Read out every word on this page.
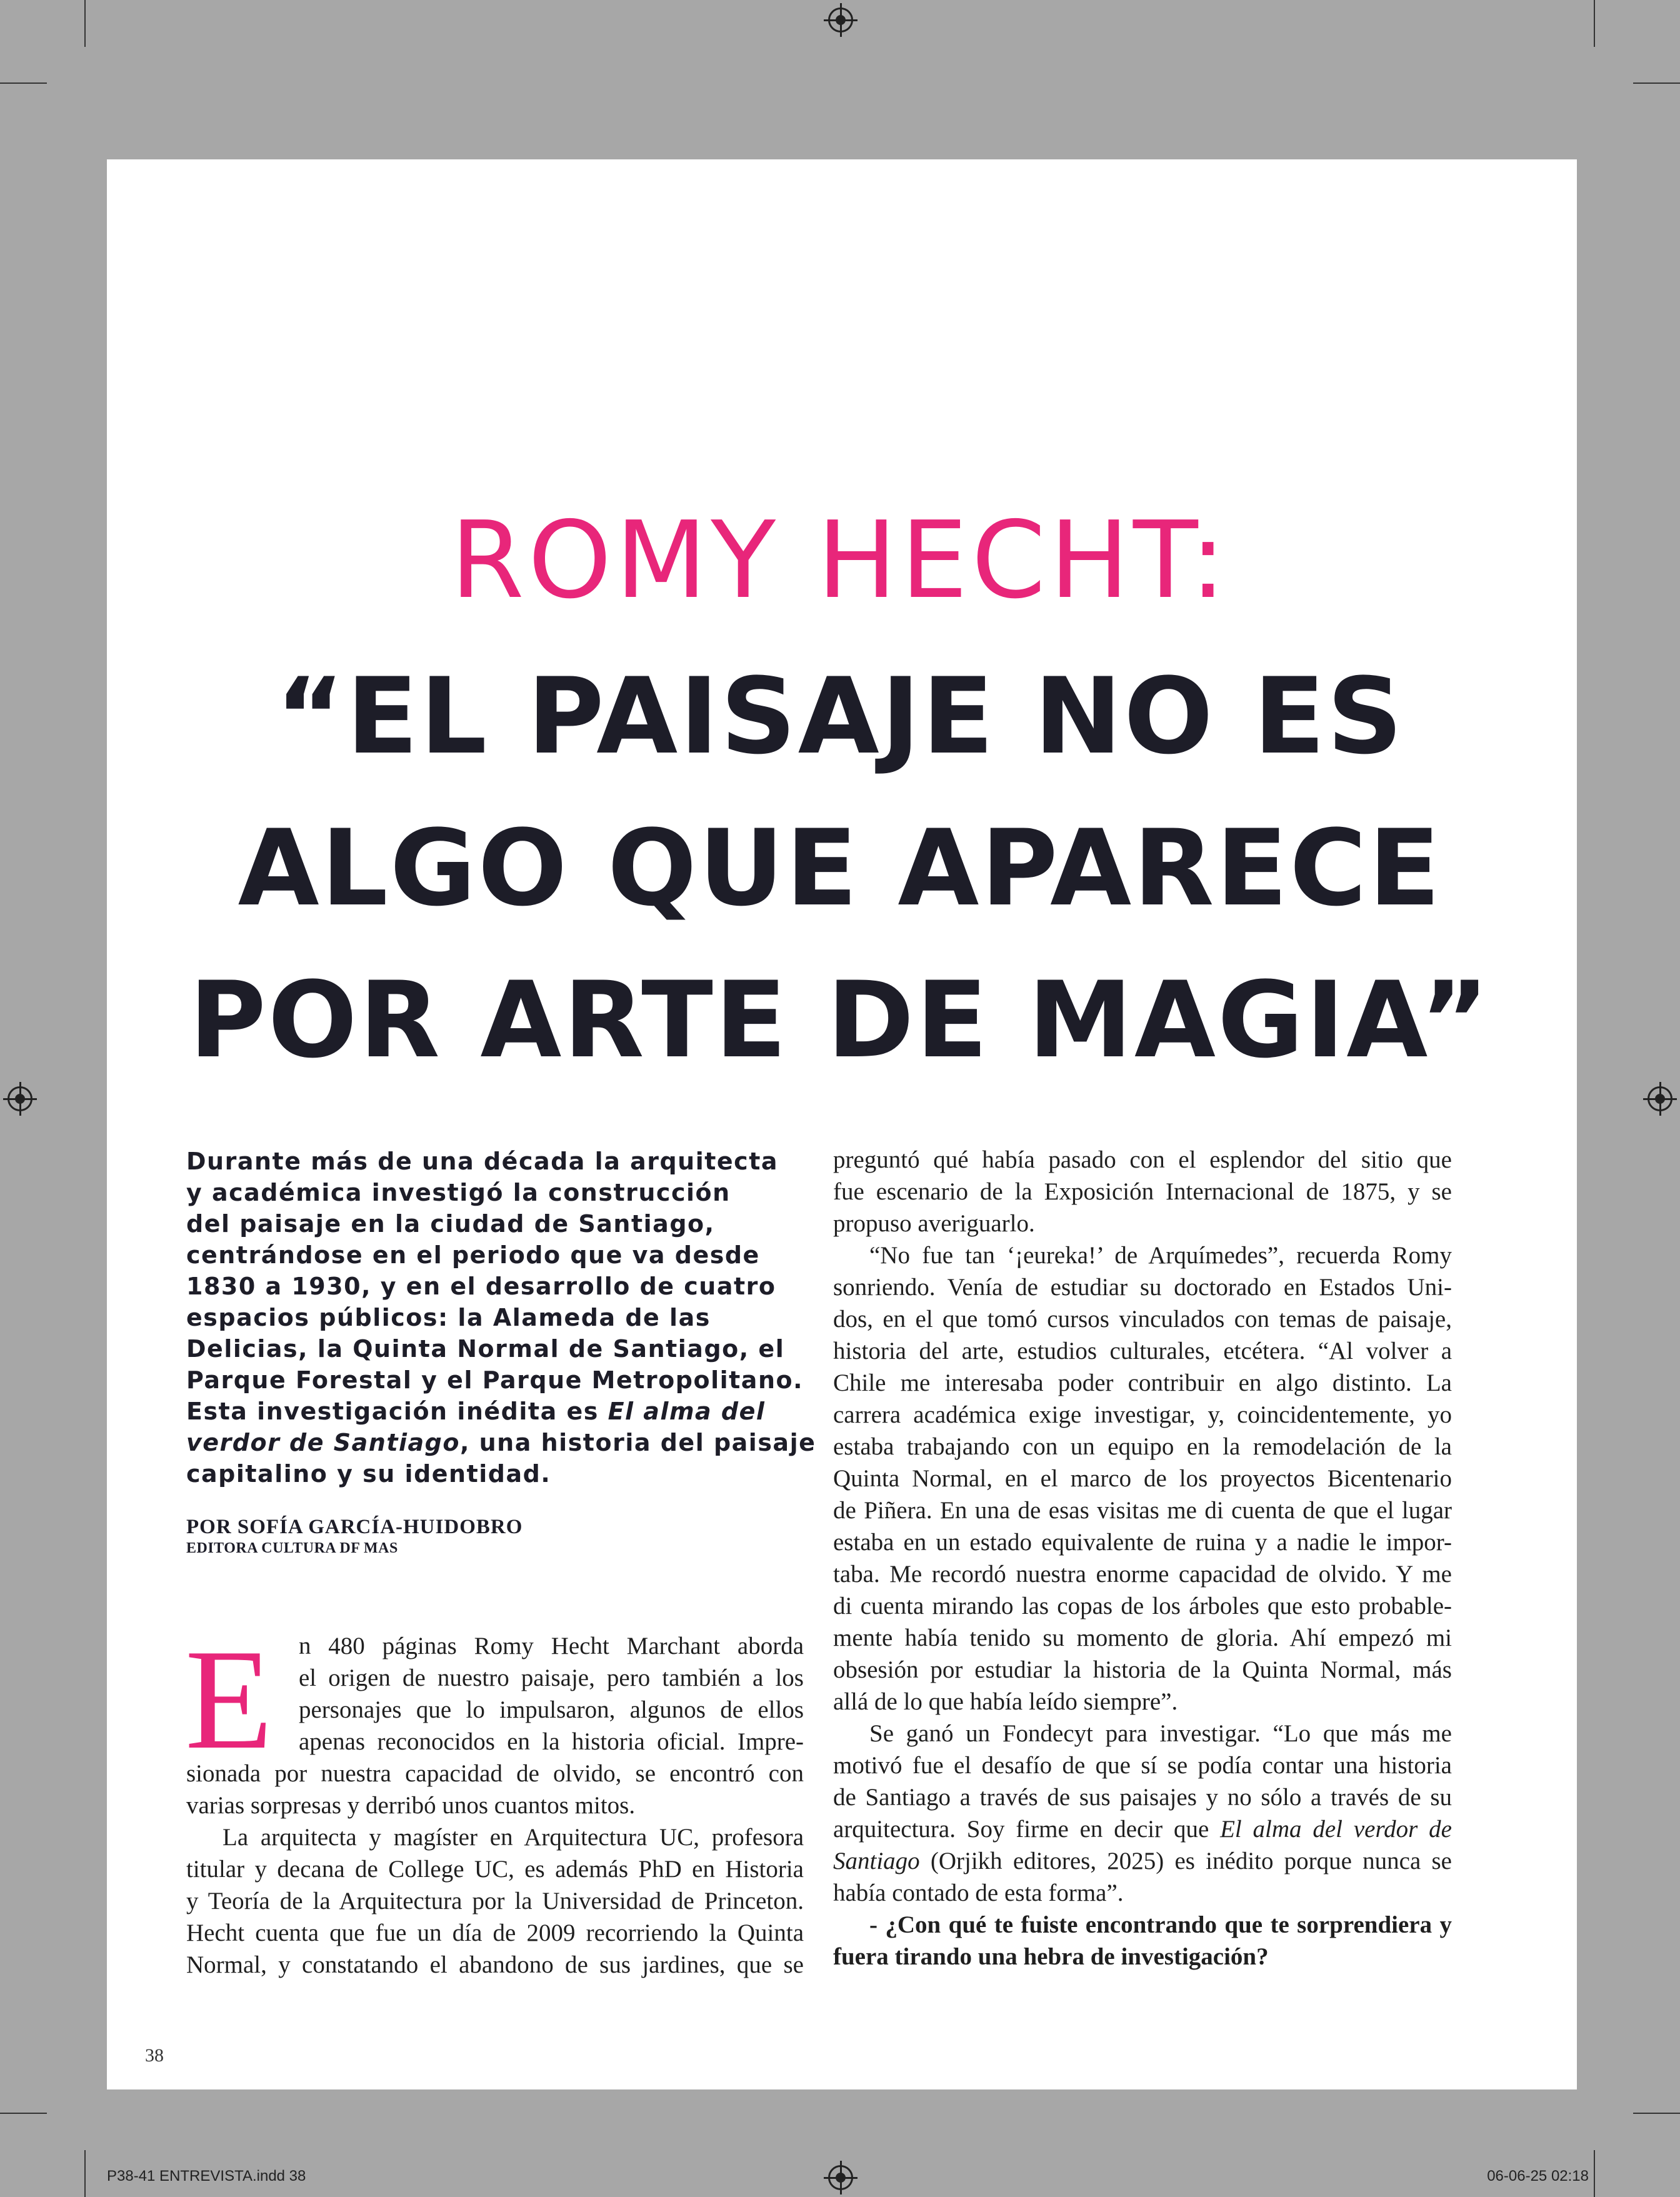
ROMY HECHT:
“EL PAISAJE NO ES
ALGO QUE APARECE
POR ARTE DE MAGIA”
Durante más de una década la arquitecta
y académica investigó la construcción
del paisaje en la ciudad de Santiago,
centrándose en el periodo que va desde
1830 a 1930, y en el desarrollo de cuatro
espacios públicos: la Alameda de las
Delicias, la Quinta Normal de Santiago, el
Parque Forestal y el Parque Metropolitano.
Esta investigación inédita es El alma del
verdor de Santiago, una historia del paisaje
capitalino y su identidad.
POR SOFÍA GARCÍA-HUIDOBRO
EDITORA CULTURA DF MAS
E n 480 páginas Romy Hecht Marchant aborda
el origen de nuestro paisaje, pero también a los
personajes que lo impulsaron, algunos de ellos
apenas reconocidos en la historia oficial. Impre-
sionada por nuestra capacidad de olvido, se encontró con
varias sorpresas y derribó unos cuantos mitos.
La arquitecta y magíster en Arquitectura UC, profesora
titular y decana de College UC, es además PhD en Historia
y Teoría de la Arquitectura por la Universidad de Princeton.
Hecht cuenta que fue un día de 2009 recorriendo la Quinta
Normal, y constatando el abandono de sus jardines, que se
preguntó qué había pasado con el esplendor del sitio que
fue escenario de la Exposición Internacional de 1875, y se
propuso averiguarlo.
“No fue tan ‘¡eureka!’ de Arquímedes”, recuerda Romy
sonriendo. Venía de estudiar su doctorado en Estados Uni-
dos, en el que tomó cursos vinculados con temas de paisaje,
historia del arte, estudios culturales, etcétera. “Al volver a
Chile me interesaba poder contribuir en algo distinto. La
carrera académica exige investigar, y, coincidentemente, yo
estaba trabajando con un equipo en la remodelación de la
Quinta Normal, en el marco de los proyectos Bicentenario
de Piñera. En una de esas visitas me di cuenta de que el lugar
estaba en un estado equivalente de ruina y a nadie le impor-
taba. Me recordó nuestra enorme capacidad de olvido. Y me
di cuenta mirando las copas de los árboles que esto probable-
mente había tenido su momento de gloria. Ahí empezó mi
obsesión por estudiar la historia de la Quinta Normal, más
allá de lo que había leído siempre”.
Se ganó un Fondecyt para investigar. “Lo que más me
motivó fue el desafío de que sí se podía contar una historia
de Santiago a través de sus paisajes y no sólo a través de su
arquitectura. Soy firme en decir que El alma del verdor de
Santiago (Orjikh editores, 2025) es inédito porque nunca se
había contado de esta forma”.
- ¿Con qué te fuiste encontrando que te sorprendiera y
fuera tirando una hebra de investigación?
38
P38-41 ENTREVISTA.indd 38	06-06-25 02:18
